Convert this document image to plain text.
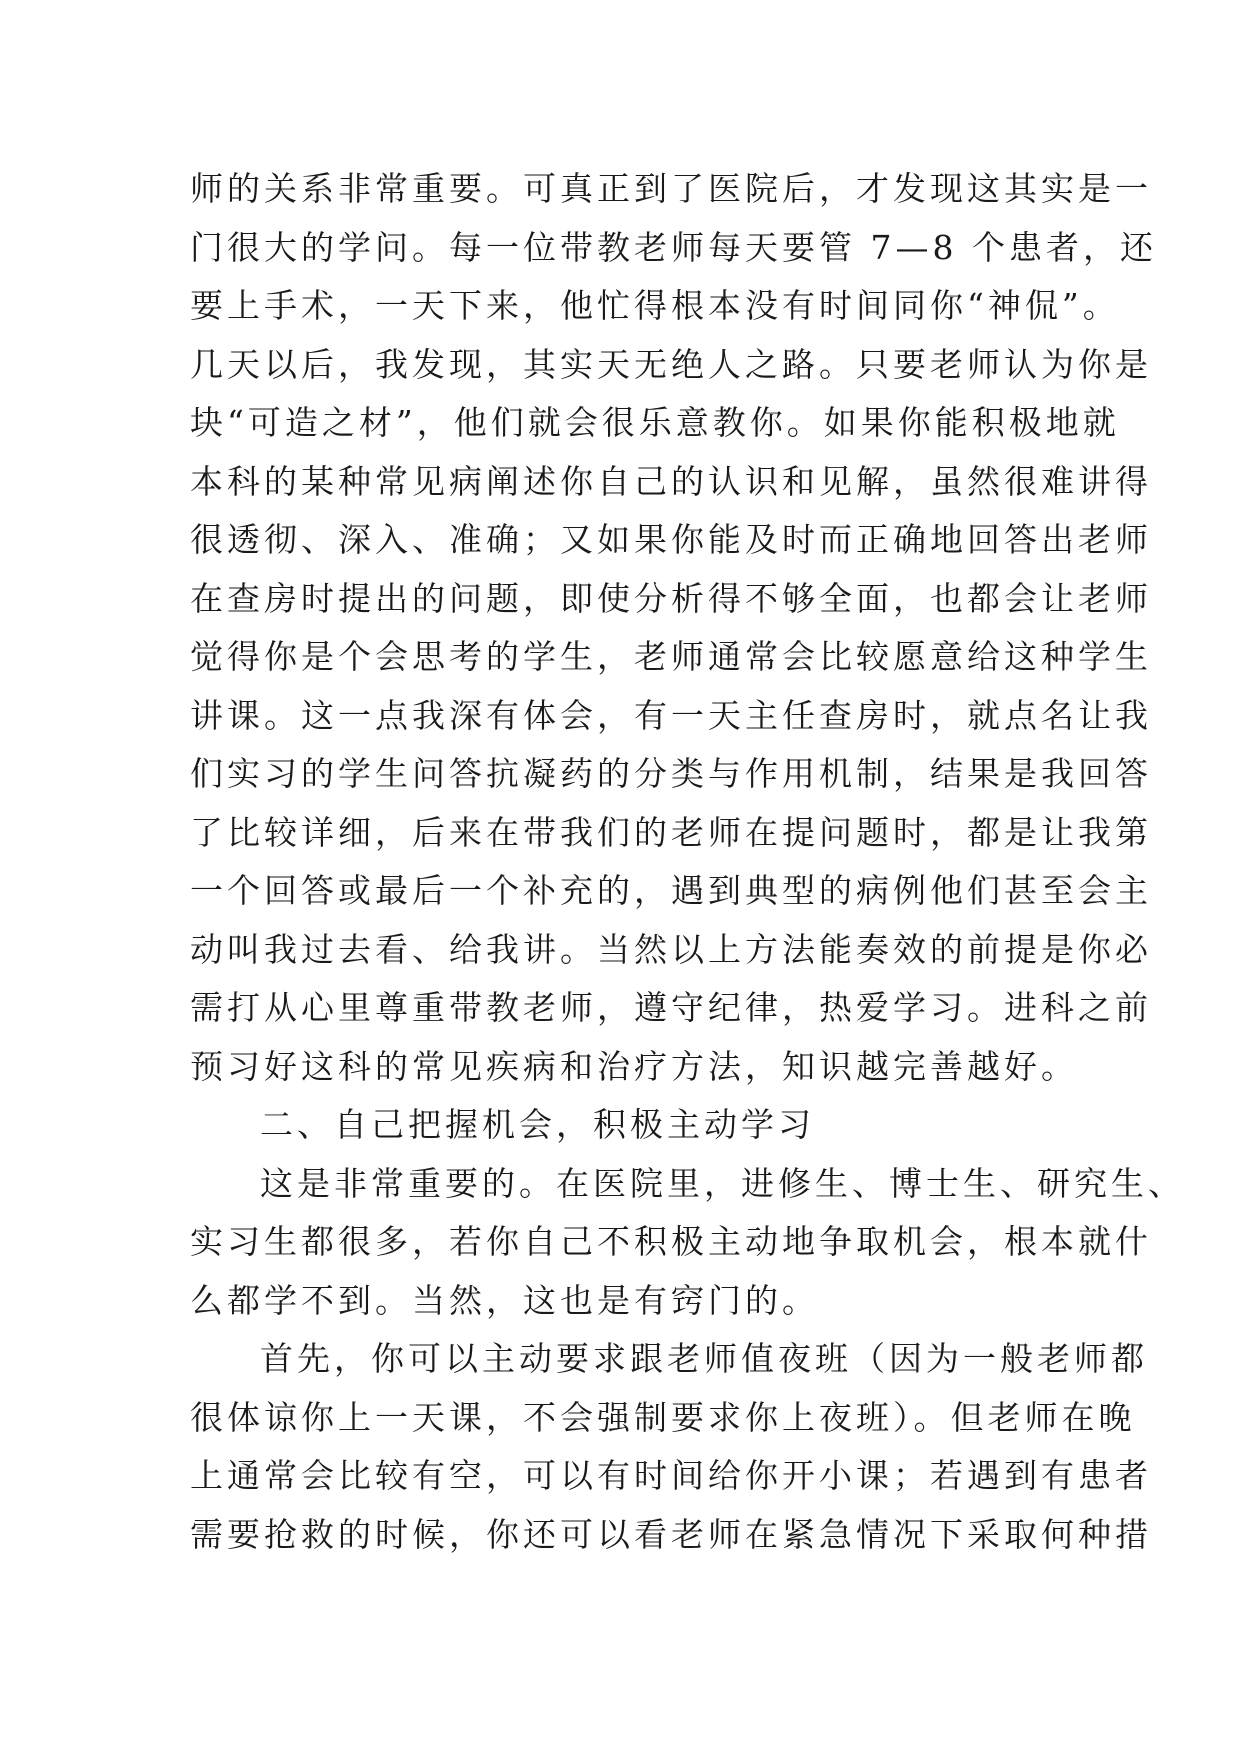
师的关系非常重要。可真正到了医院后，才发现这其实是一
门很大的学问。每一位带教老师每天要管 7—8 个患者，还
要上手术，一天下来，他忙得根本没有时间同你“神侃”。
几天以后，我发现，其实天无绝人之路。只要老师认为你是
块“可造之材”，他们就会很乐意教你。如果你能积极地就
本科的某种常见病阐述你自己的认识和见解，虽然很难讲得
很透彻、深入、准确；又如果你能及时而正确地回答出老师
在查房时提出的问题，即使分析得不够全面，也都会让老师
觉得你是个会思考的学生，老师通常会比较愿意给这种学生
讲课。这一点我深有体会，有一天主任查房时，就点名让我
们实习的学生问答抗凝药的分类与作用机制，结果是我回答
了比较详细，后来在带我们的老师在提问题时，都是让我第
一个回答或最后一个补充的，遇到典型的病例他们甚至会主
动叫我过去看、给我讲。当然以上方法能奏效的前提是你必
需打从心里尊重带教老师，遵守纪律，热爱学习。进科之前
预习好这科的常见疾病和治疗方法，知识越完善越好。
二、自己把握机会，积极主动学习
这是非常重要的。在医院里，进修生、博士生、研究生、
实习生都很多，若你自己不积极主动地争取机会，根本就什
么都学不到。当然，这也是有窍门的。
首先，你可以主动要求跟老师值夜班（因为一般老师都
很体谅你上一天课，不会强制要求你上夜班）。但老师在晚
上通常会比较有空，可以有时间给你开小课；若遇到有患者
需要抢救的时候，你还可以看老师在紧急情况下采取何种措
